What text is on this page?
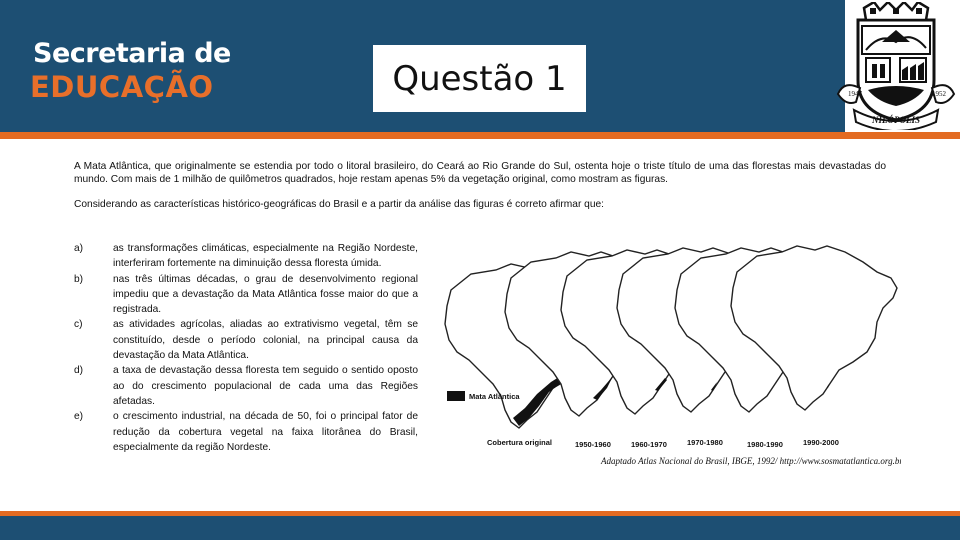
Secretaria de
EDUCAÇÃO	Questão 1	1947	1952
NILÓPOLIS
A Mata Atlântica, que originalmente se estendia por todo o litoral brasileiro, do Ceará ao Rio Grande do Sul, ostenta hoje o triste título de uma das florestas mais devastadas do mundo. Com mais de 1 milhão de quilômetros quadrados, hoje restam apenas 5% da vegetação original, como mostram as figuras.
Considerando as características histórico-geográficas do Brasil e a partir da análise das figuras é correto afirmar que:
a)	as transformações climáticas, especialmente na Região Nordeste, interferiram fortemente na diminuição dessa floresta úmida.
b)	nas três últimas décadas, o grau de desenvolvimento regional impediu que a devastação da Mata Atlântica fosse maior do que a registrada.
c)	as atividades agrícolas, aliadas ao extrativismo vegetal, têm se constituído, desde o período colonial, na principal causa da devastação da Mata Atlântica.
d)	a taxa de devastação dessa floresta tem seguido o sentido oposto ao do crescimento populacional de cada uma das Regiões afetadas.
e)	o crescimento industrial, na década de 50, foi o principal fator de redução da cobertura vegetal na faixa litorânea do Brasil, especialmente da região Nordeste.
Mata Atlântica
Cobertura original	1950-1960	1960-1970	1970-1980	1980-1990	1990-2000
Adaptado Atlas Nacional do Brasil, IBGE, 1992/ http://www.sosmatatlantica.org.br
